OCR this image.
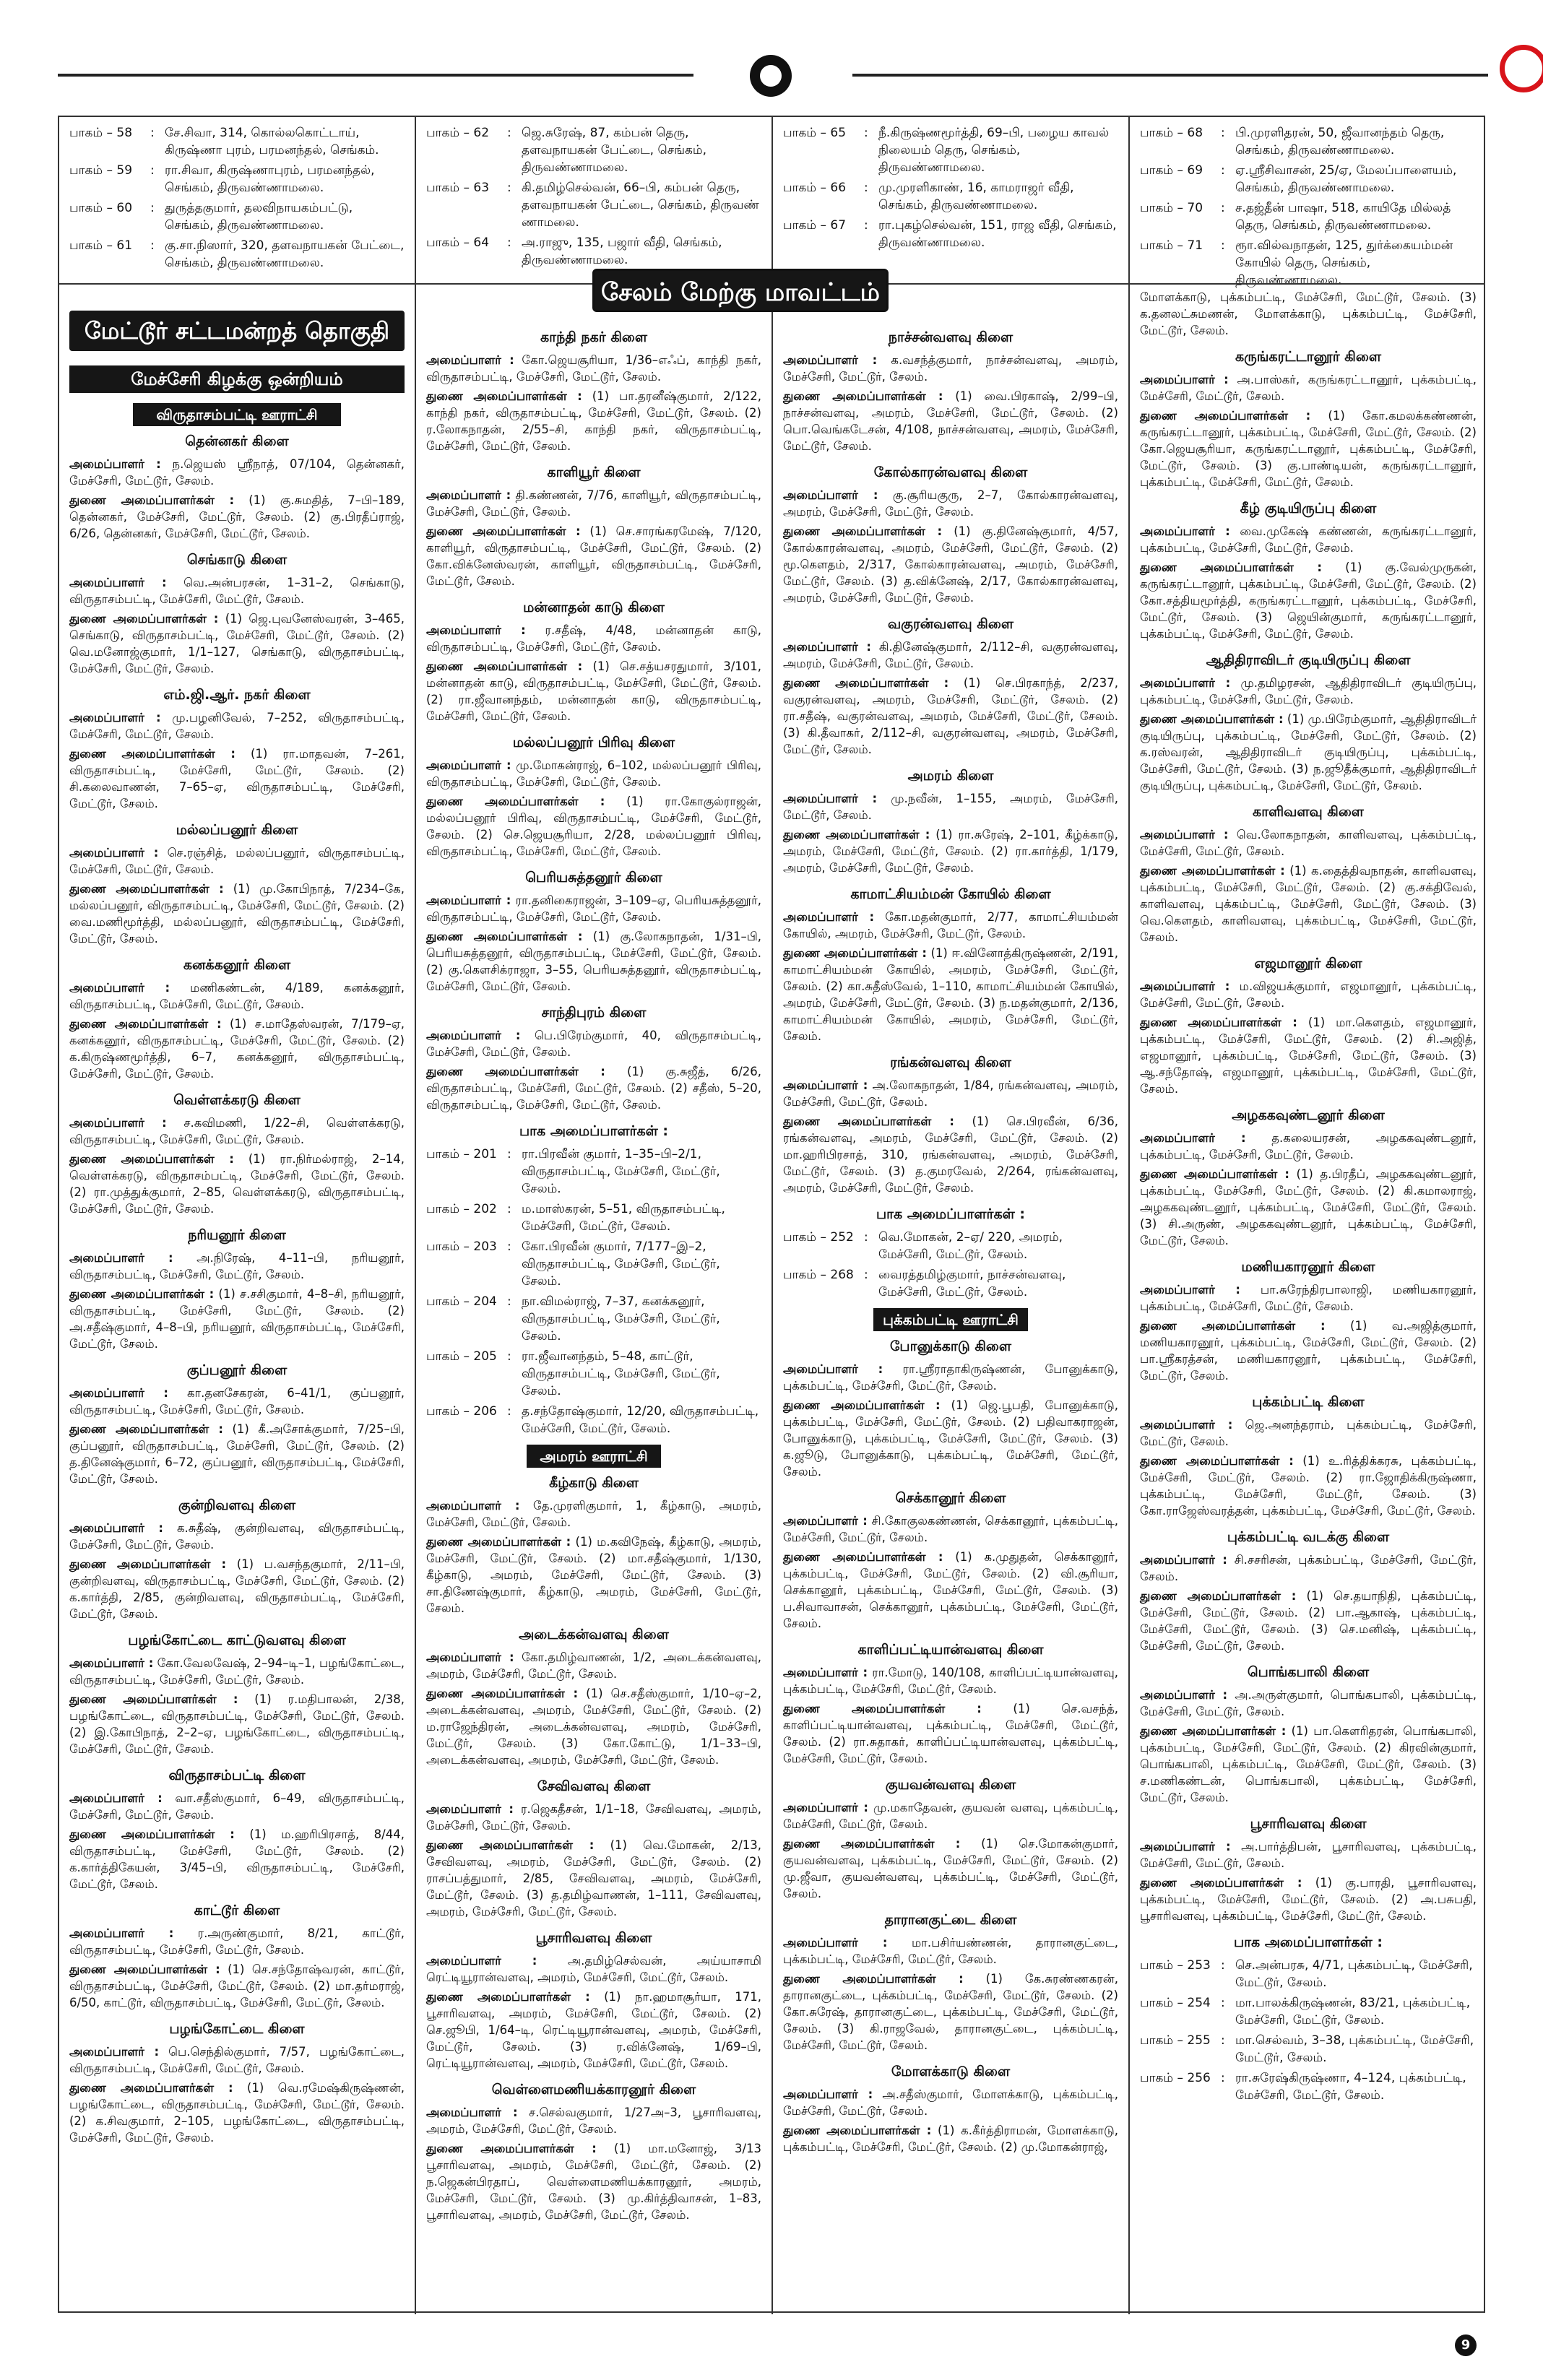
பாகம் – 58	: சே.சிவா, 314, கொல்லகொட்டாய், கிருஷ்ணா புரம், பரமனந்தல், செங்கம்.
பாகம் – 59	: ரா.சிவா, கிருஷ்ணாபுரம், பரமனந்தல், செங்கம், திருவண்ணாமலை.
பாகம் – 60	: துருத்தகுமார், தலவிநாயகம்பட்டு, செங்கம், திருவண்ணாமலை.
பாகம் – 61	: கு.சா.நிஸார், 320, தளவநாயகன் பேட்டை, செங்கம், திருவண்ணாமலை.
பாகம் – 62	: ஜெ.சுரேஷ், 87, கம்பன் தெரு, தளவநாயகன் பேட்டை, செங்கம், திருவண்ணாமலை.
பாகம் – 63	: கி.தமிழ்செல்வன், 66–பி, கம்பன் தெரு, தளவநாயகன் பேட்டை, செங்கம், திருவண் ணாமலை.
பாகம் – 64	: அ.ராஜு, 135, பஜார் வீதி, செங்கம், திருவண்ணாமலை.
பாகம் – 65	: நீ.கிருஷ்ணமூர்த்தி, 69–பி, பழைய காவல் நிலையம் தெரு, செங்கம், திருவண்ணாமலை.
பாகம் – 66	: மு.முரளிகாண், 16, காமராஜர் வீதி, செங்கம், திருவண்ணாமலை.
பாகம் – 67	: ரா.புகழ்செல்வன், 151, ராஜ வீதி, செங்கம், திருவண்ணாமலை.
பாகம் – 68	: பி.முரளிதரன், 50, ஜீவானந்தம் தெரு, செங்கம், திருவண்ணாமலை.
பாகம் – 69	: ஏ.ஸ்ரீசிவாசன், 25/ஏ, மேலப்பாளையம், செங்கம், திருவண்ணாமலை.
பாகம் – 70	: ச.தஜ்தீன் பாஷா, 518, காயிதே மில்லத் தெரு, செங்கம், திருவண்ணாமலை.
பாகம் – 71	: ரூா.வில்வநாதன், 125, துர்க்கையம்மன் கோயில் தெரு, செங்கம், திருவண்ணாமலை.
சேலம் மேற்கு மாவட்டம்
மேட்டூர் சட்டமன்றத் தொகுதி
மேச்சேரி கிழக்கு ஒன்றியம்
விருதாசம்பட்டி ஊராட்சி
தென்னகர் கிளை

அமைப்பாளர் : ந.ஜெயஸ் ஸ்ரீநாத், 07/104, தென்னகர், மேச்சேரி, மேட்டூர், சேலம்.

துணை அமைப்பாளர்கள் : (1) கு.சுமதித், 7–பி–189, தென்னகர், மேச்சேரி, மேட்டூர், சேலம். (2) கு.பிரதீப்ராஜ், 6/26, தென்னகர், மேச்சேரி, மேட்டூர், சேலம்.

செங்காடு கிளை

அமைப்பாளர் : வெ.அன்பரசன், 1–31–2, செங்காடு, விருதாசம்பட்டி, மேச்சேரி, மேட்டூர், சேலம்.

துணை அமைப்பாளர்கள் : (1) ஜெ.புவனேஸ்வரன், 3–465, செங்காடு, விருதாசம்பட்டி, மேச்சேரி, மேட்டூர், சேலம். (2) வெ.மனோஜ்குமார், 1/1–127, செங்காடு, விருதாசம்பட்டி, மேச்சேரி, மேட்டூர், சேலம்.

எம்.ஜி.ஆர். நகர் கிளை

அமைப்பாளர் : மு.பழனிவேல், 7–252, விருதாசம்பட்டி, மேச்சேரி, மேட்டூர், சேலம்.

துணை அமைப்பாளர்கள் : (1) ரா.மாதவன், 7–261, விருதாசம்பட்டி, மேச்சேரி, மேட்டூர், சேலம். (2) சி.கலைவாணன், 7–65–ஏ, விருதாசம்பட்டி, மேச்சேரி, மேட்டூர், சேலம்.

மல்லப்பனூர் கிளை

அமைப்பாளர் : செ.ரஞ்சித், மல்லப்பனூர், விருதாசம்பட்டி, மேச்சேரி, மேட்டூர், சேலம்.

துணை அமைப்பாளர்கள் : (1) மு.கோபிநாத், 7/234–கே, மல்லப்பனூர், விருதாசம்பட்டி, மேச்சேரி, மேட்டூர், சேலம். (2) வை.மணிமூர்த்தி, மல்லப்பனூர், விருதாசம்பட்டி, மேச்சேரி, மேட்டூர், சேலம்.

கனக்கனூர் கிளை

அமைப்பாளர் : மணிகண்டன், 4/189, கனக்கனூர், விருதாசம்பட்டி, மேச்சேரி, மேட்டூர், சேலம்.

துணை அமைப்பாளர்கள் : (1) ச.மாதேஸ்வரன், 7/179–ஏ, கனக்கனூர், விருதாசம்பட்டி, மேச்சேரி, மேட்டூர், சேலம். (2) க.கிருஷ்ணமூர்த்தி, 6–7, கனக்கனூர், விருதாசம்பட்டி, மேச்சேரி, மேட்டூர், சேலம்.

வெள்ளக்கரடு கிளை

அமைப்பாளர் : ச.கவிமணி, 1/22–சி, வெள்ளக்கரடு, விருதாசம்பட்டி, மேச்சேரி, மேட்டூர், சேலம்.

துணை அமைப்பாளர்கள் : (1) ரா.நிர்மல்ராஜ், 2–14, வெள்ளக்கரடு, விருதாசம்பட்டி, மேச்சேரி, மேட்டூர், சேலம். (2) ரா.முத்துக்குமார், 2–85, வெள்ளக்கரடு, விருதாசம்பட்டி, மேச்சேரி, மேட்டூர், சேலம்.

நரியனூர் கிளை

அமைப்பாளர் : அ.நிரேஷ், 4–11–பி, நரியனூர், விருதாசம்பட்டி, மேச்சேரி, மேட்டூர், சேலம்.

துணை அமைப்பாளர்கள் : (1) ச.சசிகுமார், 4–8–சி, நரியனூர், விருதாசம்பட்டி, மேச்சேரி, மேட்டூர், சேலம். (2) அ.சதீஷ்குமார், 4–8–பி, நரியனூர், விருதாசம்பட்டி, மேச்சேரி, மேட்டூர், சேலம்.

குப்பனூர் கிளை

அமைப்பாளர் : கா.தனசேகரன், 6–41/1, குப்பனூர், விருதாசம்பட்டி, மேச்சேரி, மேட்டூர், சேலம்.

துணை அமைப்பாளர்கள் : (1) கீ.அசோக்குமார், 7/25–பி, குப்பனூர், விருதாசம்பட்டி, மேச்சேரி, மேட்டூர், சேலம். (2) த.தினேஷ்குமார், 6–72, குப்பனூர், விருதாசம்பட்டி, மேச்சேரி, மேட்டூர், சேலம்.

குன்றிவளவு கிளை

அமைப்பாளர் : க.சுதீஷ், குன்றிவளவு, விருதாசம்பட்டி, மேச்சேரி, மேட்டூர், சேலம்.

துணை அமைப்பாளர்கள் : (1) ப.வசந்தகுமார், 2/11–பி, குன்றிவளவு, விருதாசம்பட்டி, மேச்சேரி, மேட்டூர், சேலம். (2) க.கார்த்தி, 2/85, குன்றிவளவு, விருதாசம்பட்டி, மேச்சேரி, மேட்டூர், சேலம்.

பழங்கோட்டை காட்டுவளவு கிளை

அமைப்பாளர் : கோ.வேலவேஷ், 2–94–டி–1, பழங்கோட்டை, விருதாசம்பட்டி, மேச்சேரி, மேட்டூர், சேலம்.

துணை அமைப்பாளர்கள் : (1) ர.மதிபாலன், 2/38, பழங்கோட்டை, விருதாசம்பட்டி, மேச்சேரி, மேட்டூர், சேலம். (2) இ.கோபிநாத், 2–2–ஏ, பழங்கோட்டை, விருதாசம்பட்டி, மேச்சேரி, மேட்டூர், சேலம்.

விருதாசம்பட்டி கிளை

அமைப்பாளர் : வா.சதீஸ்குமார், 6–49, விருதாசம்பட்டி, மேச்சேரி, மேட்டூர், சேலம்.

துணை அமைப்பாளர்கள் : (1) ம.ஹரிபிரசாத், 8/44, விருதாசம்பட்டி, மேச்சேரி, மேட்டூர், சேலம். (2) க.கார்த்திகேயன், 3/45–பி, விருதாசம்பட்டி, மேச்சேரி, மேட்டூர், சேலம்.

காட்டூர் கிளை

அமைப்பாளர் : ர.அருண்குமார், 8/21, காட்டூர், விருதாசம்பட்டி, மேச்சேரி, மேட்டூர், சேலம்.

துணை அமைப்பாளர்கள் : (1) செ.சந்தோஷ்வரன், காட்டூர், விருதாசம்பட்டி, மேச்சேரி, மேட்டூர், சேலம். (2) மா.தர்மராஜ், 6/50, காட்டூர், விருதாசம்பட்டி, மேச்சேரி, மேட்டூர், சேலம்.

பழங்கோட்டை கிளை

அமைப்பாளர் : பெ.செந்தில்குமார், 7/57, பழங்கோட்டை, விருதாசம்பட்டி, மேச்சேரி, மேட்டூர், சேலம்.

துணை அமைப்பாளர்கள் : (1) வெ.ரமேஷ்கிருஷ்ணன், பழங்கோட்டை, விருதாசம்பட்டி, மேச்சேரி, மேட்டூர், சேலம். (2) க.சிவகுமார், 2–105, பழங்கோட்டை, விருதாசம்பட்டி, மேச்சேரி, மேட்டூர், சேலம்.

காந்தி நகர் கிளை

அமைப்பாளர் : கோ.ஜெயசூரியா, 1/36–எஃப், காந்தி நகர், விருதாசம்பட்டி, மேச்சேரி, மேட்டூர், சேலம்.

துணை அமைப்பாளர்கள் : (1) பா.தரனீஷ்குமார், 2/122, காந்தி நகர், விருதாசம்பட்டி, மேச்சேரி, மேட்டூர், சேலம். (2) ர.லோகநாதன், 2/55–சி, காந்தி நகர், விருதாசம்பட்டி, மேச்சேரி, மேட்டூர், சேலம்.

காளியூர் கிளை

அமைப்பாளர் : தி.கண்ணன், 7/76, காளியூர், விருதாசம்பட்டி, மேச்சேரி, மேட்டூர், சேலம்.

துணை அமைப்பாளர்கள் : (1) செ.சாரங்கரமேஷ், 7/120, காளியூர், விருதாசம்பட்டி, மேச்சேரி, மேட்டூர், சேலம். (2) கோ.விக்னேஸ்வரன், காளியூர், விருதாசம்பட்டி, மேச்சேரி, மேட்டூர், சேலம்.

மன்னாதன் காடு கிளை

அமைப்பாளர் : ர.சதீஷ், 4/48, மன்னாதன் காடு, விருதாசம்பட்டி, மேச்சேரி, மேட்டூர், சேலம்.

துணை அமைப்பாளர்கள் : (1) செ.சத்யசரதுமார், 3/101, மன்னாதன் காடு, விருதாசம்பட்டி, மேச்சேரி, மேட்டூர், சேலம். (2) ரா.ஜீவானந்தம், மன்னாதன் காடு, விருதாசம்பட்டி, மேச்சேரி, மேட்டூர், சேலம்.

மல்லப்பனூர் பிரிவு கிளை

அமைப்பாளர் : மு.மோகன்ராஜ், 6–102, மல்லப்பனூர் பிரிவு, விருதாசம்பட்டி, மேச்சேரி, மேட்டூர், சேலம்.

துணை அமைப்பாளர்கள் : (1) ரா.கோகுல்ராஜன், மல்லப்பனூர் பிரிவு, விருதாசம்பட்டி, மேச்சேரி, மேட்டூர், சேலம். (2) செ.ஜெயசூரியா, 2/28, மல்லப்பனூர் பிரிவு, விருதாசம்பட்டி, மேச்சேரி, மேட்டூர், சேலம்.

பெரியசுத்தனூர் கிளை

அமைப்பாளர் : ரா.தனிகைராஜன், 3–109–ஏ, பெரியசுத்தனூர், விருதாசம்பட்டி, மேச்சேரி, மேட்டூர், சேலம்.

துணை அமைப்பாளர்கள் : (1) கு.லோகநாதன், 1/31–பி, பெரியசுத்தனூர், விருதாசம்பட்டி, மேச்சேரி, மேட்டூர், சேலம். (2) கு.கௌசிக்ராஜா, 3–55, பெரியசுத்தனூர், விருதாசம்பட்டி, மேச்சேரி, மேட்டூர், சேலம்.

சாந்திபுரம் கிளை

அமைப்பாளர் : பெ.பிரேம்குமார், 40, விருதாசம்பட்டி, மேச்சேரி, மேட்டூர், சேலம்.

துணை அமைப்பாளர்கள் : (1) கு.சுஜீத், 6/26, விருதாசம்பட்டி, மேச்சேரி, மேட்டூர், சேலம். (2) சதீஸ், 5–20, விருதாசம்பட்டி, மேச்சேரி, மேட்டூர், சேலம்.

பாக அமைப்பாளர்கள் :
பாகம் – 201 : ரா.பிரவீன் குமார், 1–35–பி–2/1, விருதாசம்பட்டி, மேச்சேரி, மேட்டூர், சேலம்.
பாகம் – 202 : ம.மாஸ்கரன், 5–51, விருதாசம்பட்டி, மேச்சேரி, மேட்டூர், சேலம்.
பாகம் – 203 : கோ.பிரவீன் குமார், 7/177–இ–2, விருதாசம்பட்டி, மேச்சேரி, மேட்டூர், சேலம்.
பாகம் – 204 : நா.விமல்ராஜ், 7–37, கனக்கனூர், விருதாசம்பட்டி, மேச்சேரி, மேட்டூர், சேலம்.
பாகம் – 205 : ரா.ஜீவானந்தம், 5–48, காட்டூர், விருதாசம்பட்டி, மேச்சேரி, மேட்டூர், சேலம்.
பாகம் – 206 : த.சந்தோஷ்குமார், 12/20, விருதாசம்பட்டி, மேச்சேரி, மேட்டூர், சேலம்.
அமரம் ஊராட்சி
கீழ்காடு கிளை

அமைப்பாளர் : தே.முரளிகுமார், 1, கீழ்காடு, அமரம், மேச்சேரி, மேட்டூர், சேலம்.

துணை அமைப்பாளர்கள் : (1) ம.கவிநேஷ், கீழ்காடு, அமரம், மேச்சேரி, மேட்டூர், சேலம். (2) மா.சதீஷ்குமார், 1/130, கீழ்காடு, அமரம், மேச்சேரி, மேட்டூர், சேலம். (3) சா.திணேஷ்குமார், கீழ்காடு, அமரம், மேச்சேரி, மேட்டூர், சேலம்.

அடைக்கன்வளவு கிளை

அமைப்பாளர் : கோ.தமிழ்வாணன், 1/2, அடைக்கன்வளவு, அமரம், மேச்சேரி, மேட்டூர், சேலம்.

துணை அமைப்பாளர்கள் : (1) செ.சதீஸ்குமார், 1/10–ஏ–2, அடைக்கன்வளவு, அமரம், மேச்சேரி, மேட்டூர், சேலம். (2) ம.ராஜேந்திரன், அடைக்கன்வளவு, அமரம், மேச்சேரி, மேட்டூர், சேலம். (3) கோ.கோட்டு, 1/1–33–பி, அடைக்கன்வளவு, அமரம், மேச்சேரி, மேட்டூர், சேலம்.

சேவிவளவு கிளை

அமைப்பாளர் : ர.ஜெகதீசன், 1/1–18, சேவிவளவு, அமரம், மேச்சேரி, மேட்டூர், சேலம்.

துணை அமைப்பாளர்கள் : (1) வெ.மோகன், 2/13, சேவிவளவு, அமரம், மேச்சேரி, மேட்டூர், சேலம். (2) ராசப்பத்துமார், 2/85, சேவிவளவு, அமரம், மேச்சேரி, மேட்டூர், சேலம். (3) த.தமிழ்வாணன், 1–111, சேவிவளவு, அமரம், மேச்சேரி, மேட்டூர், சேலம்.

பூசாரிவளவு கிளை

அமைப்பாளர் : அ.தமிழ்செல்வன், அய்யாசாமி ரெட்டியூரான்வளவு, அமரம், மேச்சேரி, மேட்டூர், சேலம்.

துணை அமைப்பாளர்கள் : (1) நா.ஹமாசூர்யா, 171, பூசாரிவளவு, அமரம், மேச்சேரி, மேட்டூர், சேலம். (2) செ.ஜூபி, 1/64–டி, ரெட்டியூரான்வளவு, அமரம், மேச்சேரி, மேட்டூர், சேலம். (3) ர.விக்னேஷ், 1/69–பி, ரெட்டியூரான்வளவு, அமரம், மேச்சேரி, மேட்டூர், சேலம்.

வெள்ளைமணியக்காரனூர் கிளை

அமைப்பாளர் : ச.செல்வகுமார், 1/27அ–3, பூசாரிவளவு, அமரம், மேச்சேரி, மேட்டூர், சேலம்.

துணை அமைப்பாளர்கள் : (1) மா.மனோஜ், 3/13 பூசாரிவளவு, அமரம், மேச்சேரி, மேட்டூர், சேலம். (2) ந.ஜெகன்பிரதாப், வெள்ளைமணியக்காரனூர், அமரம், மேச்சேரி, மேட்டூர், சேலம். (3) மு.கிர்த்திவாசன், 1–83, பூசாரிவளவு, அமரம், மேச்சேரி, மேட்டூர், சேலம்.

நாச்சன்வளவு கிளை

அமைப்பாளர் : க.வசந்த்குமார், நாச்சன்வளவு, அமரம், மேச்சேரி, மேட்டூர், சேலம்.

துணை அமைப்பாளர்கள் : (1) வை.பிரகாஷ், 2/99–பி, நாச்சன்வளவு, அமரம், மேச்சேரி, மேட்டூர், சேலம். (2) பொ.வெங்கடேசன், 4/108, நாச்சன்வளவு, அமரம், மேச்சேரி, மேட்டூர், சேலம்.

கோல்காரன்வளவு கிளை

அமைப்பாளர் : கு.சூரியகுரு, 2–7, கோல்காரன்வளவு, அமரம், மேச்சேரி, மேட்டூர், சேலம்.

துணை அமைப்பாளர்கள் : (1) கு.தினேஷ்குமார், 4/57, கோல்காரன்வளவு, அமரம், மேச்சேரி, மேட்டூர், சேலம். (2) மூ.கௌதம், 2/317, கோல்காரன்வளவு, அமரம், மேச்சேரி, மேட்டூர், சேலம். (3) த.விக்னேஷ், 2/17, கோல்காரன்வளவு, அமரம், மேச்சேரி, மேட்டூர், சேலம்.

வகுரன்வளவு கிளை

அமைப்பாளர் : கி.தினேஷ்குமார், 2/112–சி, வகுரன்வளவு, அமரம், மேச்சேரி, மேட்டூர், சேலம்.

துணை அமைப்பாளர்கள் : (1) செ.பிரகாந்த், 2/237, வகுரன்வளவு, அமரம், மேச்சேரி, மேட்டூர், சேலம். (2) ரா.சதீஷ், வகுரன்வளவு, அமரம், மேச்சேரி, மேட்டூர், சேலம். (3) கி.தீவாகர், 2/112–சி, வகுரன்வளவு, அமரம், மேச்சேரி, மேட்டூர், சேலம்.

அமரம் கிளை

அமைப்பாளர் : மு.நவீன், 1–155, அமரம், மேச்சேரி, மேட்டூர், சேலம்.

துணை அமைப்பாளர்கள் : (1) ரா.சுரேஷ், 2–101, கீழ்க்காடு, அமரம், மேச்சேரி, மேட்டூர், சேலம். (2) ரா.கார்த்தி, 1/179, அமரம், மேச்சேரி, மேட்டூர், சேலம்.

காமாட்சியம்மன் கோயில் கிளை

அமைப்பாளர் : கோ.மதன்குமார், 2/77, காமாட்சியம்மன் கோயில், அமரம், மேச்சேரி, மேட்டூர், சேலம்.

துணை அமைப்பாளர்கள் : (1) ஈ.வினோத்கிருஷ்ணன், 2/191, காமாட்சியம்மன் கோயில், அமரம், மேச்சேரி, மேட்டூர், சேலம். (2) கா.சுதீஸ்வேல், 1–110, காமாட்சியம்மன் கோயில், அமரம், மேச்சேரி, மேட்டூர், சேலம். (3) ந.மதன்குமார், 2/136, காமாட்சியம்மன் கோயில், அமரம், மேச்சேரி, மேட்டூர், சேலம்.

ரங்கன்வளவு கிளை

அமைப்பாளர் : அ.லோகநாதன், 1/84, ரங்கன்வளவு, அமரம், மேச்சேரி, மேட்டூர், சேலம்.

துணை அமைப்பாளர்கள் : (1) செ.பிரவீன், 6/36, ரங்கன்வளவு, அமரம், மேச்சேரி, மேட்டூர், சேலம். (2) மா.ஹரிபிரசாத், 310, ரங்கன்வளவு, அமரம், மேச்சேரி, மேட்டூர், சேலம். (3) த.குமரவேல், 2/264, ரங்கன்வளவு, அமரம், மேச்சேரி, மேட்டூர், சேலம்.

பாக அமைப்பாளர்கள் :
பாகம் – 252 : வெ.மோகன், 2–ஏ/ 220, அமரம், மேச்சேரி, மேட்டூர், சேலம்.
பாகம் – 268 : வைரத்தமிழ்குமார், நாச்சன்வளவு, மேச்சேரி, மேட்டூர், சேலம்.
புக்கம்பட்டி ஊராட்சி
போனுக்காடு கிளை

அமைப்பாளர் : ரா.ஸ்ரீராதாகிருஷ்ணன், போனுக்காடு, புக்கம்பட்டி, மேச்சேரி, மேட்டூர், சேலம்.

துணை அமைப்பாளர்கள் : (1) ஜெ.பூபதி, போனுக்காடு, புக்கம்பட்டி, மேச்சேரி, மேட்டூர், சேலம். (2) பதிவாகராஜன், போனுக்காடு, புக்கம்பட்டி, மேச்சேரி, மேட்டூர், சேலம். (3) க.ஜூடு, போனுக்காடு, புக்கம்பட்டி, மேச்சேரி, மேட்டூர், சேலம்.

செக்கானூர் கிளை

அமைப்பாளர் : சி.கோகுலகண்ணன், செக்கானூர், புக்கம்பட்டி, மேச்சேரி, மேட்டூர், சேலம்.

துணை அமைப்பாளர்கள் : (1) க.முதுதன், செக்கானூர், புக்கம்பட்டி, மேச்சேரி, மேட்டூர், சேலம். (2) வி.சூரியா, செக்கானூர், புக்கம்பட்டி, மேச்சேரி, மேட்டூர், சேலம். (3) ப.சிவாவாசன், செக்கானூர், புக்கம்பட்டி, மேச்சேரி, மேட்டூர், சேலம்.

காளிப்பட்டியான்வளவு கிளை

அமைப்பாளர் : ரா.மோடு, 140/108, காளிப்பட்டியான்வளவு, புக்கம்பட்டி, மேச்சேரி, மேட்டூர், சேலம்.

துணை அமைப்பாளர்கள் : (1) செ.வசந்த், காளிப்பட்டியான்வளவு, புக்கம்பட்டி, மேச்சேரி, மேட்டூர், சேலம். (2) ரா.சுதாகர், காளிப்பட்டியான்வளவு, புக்கம்பட்டி, மேச்சேரி, மேட்டூர், சேலம்.

குயவன்வளவு கிளை

அமைப்பாளர் : மு.மகாதேவன், குயவன் வளவு, புக்கம்பட்டி, மேச்சேரி, மேட்டூர், சேலம்.

துணை அமைப்பாளர்கள் : (1) செ.மோகன்குமார், குயவன்வளவு, புக்கம்பட்டி, மேச்சேரி, மேட்டூர், சேலம். (2) மு.ஜீவா, குயவன்வளவு, புக்கம்பட்டி, மேச்சேரி, மேட்டூர், சேலம்.

தாரானகுட்டை கிளை

அமைப்பாளர் : மா.பசிர்யண்ணன், தாரானகுட்டை, புக்கம்பட்டி, மேச்சேரி, மேட்டூர், சேலம்.

துணை அமைப்பாளர்கள் : (1) கே.சுரண்ணகரன், தாரானகுட்டை, புக்கம்பட்டி, மேச்சேரி, மேட்டூர், சேலம். (2) கோ.சுரேஷ், தாரானகுட்டை, புக்கம்பட்டி, மேச்சேரி, மேட்டூர், சேலம். (3) கி.ராஜவேல், தாரானகுட்டை, புக்கம்பட்டி, மேச்சேரி, மேட்டூர், சேலம்.

மோளக்காடு கிளை

அமைப்பாளர் : அ.சதீஸ்குமார், மோளக்காடு, புக்கம்பட்டி, மேச்சேரி, மேட்டூர், சேலம்.

துணை அமைப்பாளர்கள் : (1) க.கீர்த்திராமன், மோளக்காடு, புக்கம்பட்டி, மேச்சேரி, மேட்டூர், சேலம். (2) மு.மோகன்ராஜ்,

மோளக்காடு, புக்கம்பட்டி, மேச்சேரி, மேட்டூர், சேலம். (3) க.தனலட்சுமணன், மோளக்காடு, புக்கம்பட்டி, மேச்சேரி, மேட்டூர், சேலம்.

கருங்கரட்டானூர் கிளை

அமைப்பாளர் : அ.பாஸ்கர், கருங்கரட்டானூர், புக்கம்பட்டி, மேச்சேரி, மேட்டூர், சேலம்.

துணை அமைப்பாளர்கள் : (1) கோ.கமலக்கண்ணன், கருங்கரட்டானூர், புக்கம்பட்டி, மேச்சேரி, மேட்டூர், சேலம். (2) கோ.ஜெயசூரியா, கருங்கரட்டானூர், புக்கம்பட்டி, மேச்சேரி, மேட்டூர், சேலம். (3) கு.பாண்டியன், கருங்கரட்டானூர், புக்கம்பட்டி, மேச்சேரி, மேட்டூர், சேலம்.

கீழ் குடியிருப்பு கிளை

அமைப்பாளர் : வை.முகேஷ் கண்ணன், கருங்கரட்டானூர், புக்கம்பட்டி, மேச்சேரி, மேட்டூர், சேலம்.

துணை அமைப்பாளர்கள் : (1) கு.வேல்முருகன், கருங்கரட்டானூர், புக்கம்பட்டி, மேச்சேரி, மேட்டூர், சேலம். (2) கோ.சத்தியமூர்த்தி, கருங்கரட்டானூர், புக்கம்பட்டி, மேச்சேரி, மேட்டூர், சேலம். (3) ஜெயின்குமார், கருங்கரட்டானூர், புக்கம்பட்டி, மேச்சேரி, மேட்டூர், சேலம்.

ஆதிதிராவிடர் குடியிருப்பு கிளை

அமைப்பாளர் : மு.தமிழரசன், ஆதிதிராவிடர் குடியிருப்பு, புக்கம்பட்டி, மேச்சேரி, மேட்டூர், சேலம்.

துணை அமைப்பாளர்கள் : (1) மு.பிரேம்குமார், ஆதிதிராவிடர் குடியிருப்பு, புக்கம்பட்டி, மேச்சேரி, மேட்டூர், சேலம். (2) க.ரஸ்வரன், ஆதிதிராவிடர் குடியிருப்பு, புக்கம்பட்டி, மேச்சேரி, மேட்டூர், சேலம். (3) ந.ஜூதீக்குமார், ஆதிதிராவிடர் குடியிருப்பு, புக்கம்பட்டி, மேச்சேரி, மேட்டூர், சேலம்.

காளிவளவு கிளை

அமைப்பாளர் : வெ.லோகநாதன், காளிவளவு, புக்கம்பட்டி, மேச்சேரி, மேட்டூர், சேலம்.

துணை அமைப்பாளர்கள் : (1) க.தைத்திவநாதன், காளிவளவு, புக்கம்பட்டி, மேச்சேரி, மேட்டூர், சேலம். (2) கு.சக்திவேல், காளிவளவு, புக்கம்பட்டி, மேச்சேரி, மேட்டூர், சேலம். (3) வெ.கௌதம், காளிவளவு, புக்கம்பட்டி, மேச்சேரி, மேட்டூர், சேலம்.

எஜமானூர் கிளை

அமைப்பாளர் : ம.விஜயக்குமார், எஜமானூர், புக்கம்பட்டி, மேச்சேரி, மேட்டூர், சேலம்.

துணை அமைப்பாளர்கள் : (1) மா.கௌதம், எஜமானூர், புக்கம்பட்டி, மேச்சேரி, மேட்டூர், சேலம். (2) சி.அஜித், எஜமானூர், புக்கம்பட்டி, மேச்சேரி, மேட்டூர், சேலம். (3) ஆ.சந்தோஷ், எஜமானூர், புக்கம்பட்டி, மேச்சேரி, மேட்டூர், சேலம்.

அழககவுண்டனூர் கிளை

அமைப்பாளர் : த.கலையரசன், அழககவுண்டனூர், புக்கம்பட்டி, மேச்சேரி, மேட்டூர், சேலம்.

துணை அமைப்பாளர்கள் : (1) த.பிரதீப், அழககவுண்டனூர், புக்கம்பட்டி, மேச்சேரி, மேட்டூர், சேலம். (2) கி.கமாலராஜ், அழககவுண்டனூர், புக்கம்பட்டி, மேச்சேரி, மேட்டூர், சேலம். (3) சி.அருண், அழககவுண்டனூர், புக்கம்பட்டி, மேச்சேரி, மேட்டூர், சேலம்.

மணியகாரனூர் கிளை

அமைப்பாளர் : பா.சுரேந்திரபாலாஜி, மணியகாரனூர், புக்கம்பட்டி, மேச்சேரி, மேட்டூர், சேலம்.

துணை அமைப்பாளர்கள் : (1) வ.அஜித்குமார், மணியகாரனூர், புக்கம்பட்டி, மேச்சேரி, மேட்டூர், சேலம். (2) பா.ஸ்ரீகரத்சன், மணியகாரனூர், புக்கம்பட்டி, மேச்சேரி, மேட்டூர், சேலம்.

புக்கம்பட்டி கிளை

அமைப்பாளர் : ஜெ.அனந்தராம், புக்கம்பட்டி, மேச்சேரி, மேட்டூர், சேலம்.

துணை அமைப்பாளர்கள் : (1) உ.ரித்திக்கரசு, புக்கம்பட்டி, மேச்சேரி, மேட்டூர், சேலம். (2) ரா.ஜோதிக்கிருஷ்ணா, புக்கம்பட்டி, மேச்சேரி, மேட்டூர், சேலம். (3) கோ.ராஜேஸ்வரத்தன், புக்கம்பட்டி, மேச்சேரி, மேட்டூர், சேலம்.

புக்கம்பட்டி வடக்கு கிளை

அமைப்பாளர் : சி.சசரிசன், புக்கம்பட்டி, மேச்சேரி, மேட்டூர், சேலம்.

துணை அமைப்பாளர்கள் : (1) செ.தயாநிதி, புக்கம்பட்டி, மேச்சேரி, மேட்டூர், சேலம். (2) பா.ஆகாஷ், புக்கம்பட்டி, மேச்சேரி, மேட்டூர், சேலம். (3) செ.மனிஷ், புக்கம்பட்டி, மேச்சேரி, மேட்டூர், சேலம்.

பொங்கபாலி கிளை

அமைப்பாளர் : அ.அருள்குமார், பொங்கபாலி, புக்கம்பட்டி, மேச்சேரி, மேட்டூர், சேலம்.

துணை அமைப்பாளர்கள் : (1) பா.கௌரிதரன், பொங்கபாலி, புக்கம்பட்டி, மேச்சேரி, மேட்டூர், சேலம். (2) கிரவின்குமார், பொங்கபாலி, புக்கம்பட்டி, மேச்சேரி, மேட்டூர், சேலம். (3) ச.மணிகண்டன், பொங்கபாலி, புக்கம்பட்டி, மேச்சேரி, மேட்டூர், சேலம்.

பூசாரிவளவு கிளை

அமைப்பாளர் : அ.பார்த்திபன், பூசாரிவளவு, புக்கம்பட்டி, மேச்சேரி, மேட்டூர், சேலம்.

துணை அமைப்பாளர்கள் : (1) கு.பாரதி, பூசாரிவளவு, புக்கம்பட்டி, மேச்சேரி, மேட்டூர், சேலம். (2) அ.பசுபதி, பூசாரிவளவு, புக்கம்பட்டி, மேச்சேரி, மேட்டூர், சேலம்.

பாக அமைப்பாளர்கள் :
பாகம் – 253 : செ.அன்பரசு, 4/71, புக்கம்பட்டி, மேச்சேரி, மேட்டூர், சேலம்.
பாகம் – 254 : மா.பாலக்கிருஷ்ணன், 83/21, புக்கம்பட்டி, மேச்சேரி, மேட்டூர், சேலம்.
பாகம் – 255 : மா.செல்வம், 3–38, புக்கம்பட்டி, மேச்சேரி, மேட்டூர், சேலம்.
பாகம் – 256 : ரா.சுரேஷ்கிருஷ்ணா, 4–124, புக்கம்பட்டி, மேச்சேரி, மேட்டூர், சேலம்.
9
